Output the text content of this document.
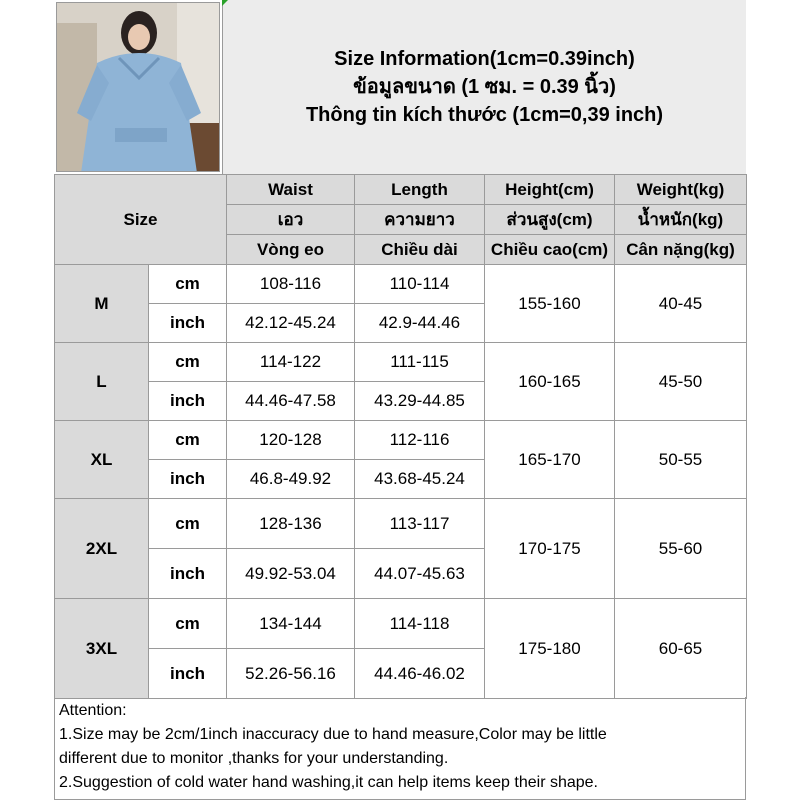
Size Information(1cm=0.39inch)
ข้อมูลขนาด (1 ซม. = 0.39 นิ้ว)
Thông tin kích thước (1cm=0,39 inch)
Size		Waist	Length	Height(cm)	Weight(kg)
		เอว	ความยาว	ส่วนสูง(cm)	น้ำหนัก(kg)
		Vòng eo	Chiều dài	Chiều cao(cm)	Cân nặng(kg)
M	cm	108-116	110-114	155-160	40-45
	inch	42.12-45.24	42.9-44.46		
L	cm	114-122	111-115	160-165	45-50
	inch	44.46-47.58	43.29-44.85		
XL	cm	120-128	112-116	165-170	50-55
	inch	46.8-49.92	43.68-45.24		
2XL	cm	128-136	113-117	170-175	55-60
	inch	49.92-53.04	44.07-45.63		
3XL	cm	134-144	114-118	175-180	60-65
	inch	52.26-56.16	44.46-46.02		
Attention:
1.Size may be 2cm/1inch inaccuracy due to hand measure,Color may be little
different due to monitor ,thanks for your understanding.
2.Suggestion of cold water hand washing,it can help items keep their shape.
